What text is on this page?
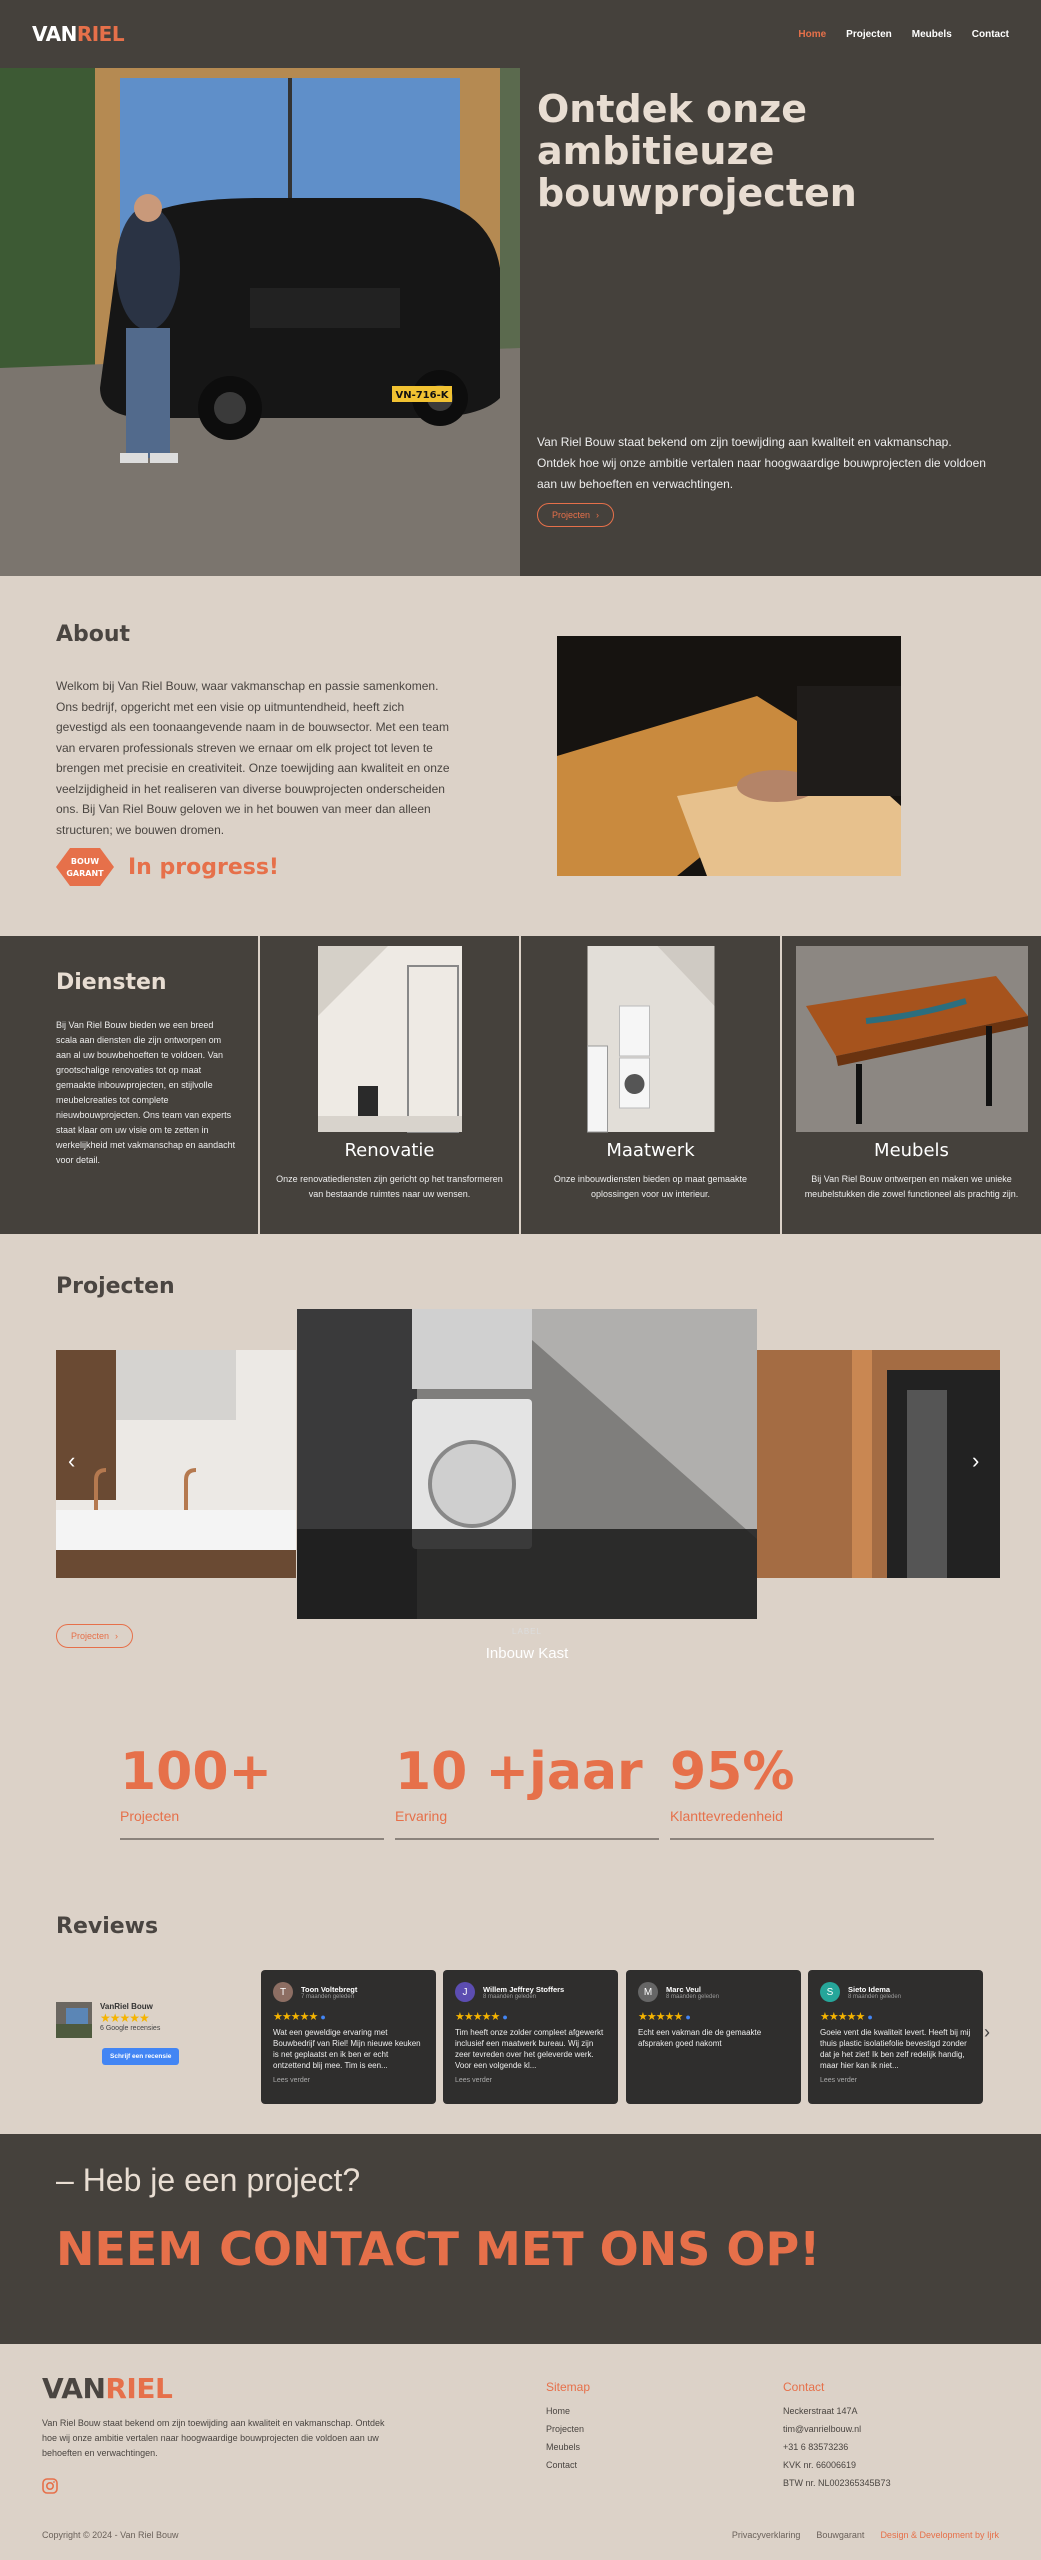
VANRIEL	Home Projecten Meubels Contact
VN-716-K
Ontdek onze ambitieuze bouwprojecten

Van Riel Bouw staat bekend om zijn toewijding aan kwaliteit en vakmanschap. Ontdek hoe wij onze ambitie vertalen naar hoogwaardige bouwprojecten die voldoen aan uw behoeften en verwachtingen.

Projecten ›
About

Welkom bij Van Riel Bouw, waar vakmanschap en passie samenkomen. Ons bedrijf, opgericht met een visie op uitmuntendheid, heeft zich gevestigd als een toonaangevende naam in de bouwsector. Met een team van ervaren professionals streven we ernaar om elk project tot leven te brengen met precisie en creativiteit. Onze toewijding aan kwaliteit en onze veelzijdigheid in het realiseren van diverse bouwprojecten onderscheiden ons. Bij Van Riel Bouw geloven we in het bouwen van meer dan alleen structuren; we bouwen dromen.

BOUW
GARANT In progress!
Diensten

Bij Van Riel Bouw bieden we een breed scala aan diensten die zijn ontworpen om aan al uw bouwbehoeften te voldoen. Van grootschalige renovaties tot op maat gemaakte inbouwprojecten, en stijlvolle meubelcreaties tot complete nieuwbouwprojecten. Ons team van experts staat klaar om uw visie om te zetten in werkelijkheid met vakmanschap en aandacht voor detail.	Renovatie
Onze renovatiediensten zijn gericht op het transformeren van bestaande ruimtes naar uw wensen.
Maatwerk
Onze inbouwdiensten bieden op maat gemaakte oplossingen voor uw interieur.
Meubels
Bij Van Riel Bouw ontwerpen en maken we unieke meubelstukken die zowel functioneel als prachtig zijn.
Projecten
LABEL
Inbouw Kast
‹	›
Projecten ›
100+
Projecten
10 +jaar
Ervaring
95%
Klanttevredenheid
Reviews
VanRiel Bouw
★★★★★
6 Google recensies
Schrijf een recensie
T	Toon Voltebregt
7 maanden geleden
★★★★★ ●
Wat een geweldige ervaring met Bouwbedrijf van Riel! Mijn nieuwe keuken is net geplaatst en ik ben er echt ontzettend blij mee. Tim is een...
Lees verder
J	Willem Jeffrey Stoffers
8 maanden geleden
★★★★★ ●
Tim heeft onze zolder compleet afgewerkt inclusief een maatwerk bureau. Wij zijn zeer tevreden over het geleverde werk. Voor een volgende kl...
Lees verder
M	Marc Veul
8 maanden geleden
★★★★★ ●
Echt een vakman die de gemaakte afspraken goed nakomt
S	Sieto Idema
8 maanden geleden
★★★★★ ●
Goeie vent die kwaliteit levert. Heeft bij mij thuis plastic isolatiefolie bevestigd zonder dat je het ziet! Ik ben zelf redelijk handig, maar hier kan ik niet...
Lees verder
›
– Heb je een project?
NEEM CONTACT MET ONS OP!
VANRIEL

Van Riel Bouw staat bekend om zijn toewijding aan kwaliteit en vakmanschap. Ontdek hoe wij onze ambitie vertalen naar hoogwaardige bouwprojecten die voldoen aan uw behoeften en verwachtingen.

Sitemap
Home
Projecten
Meubels
Contact
Contact
Neckerstraat 147A
tim@vanrielbouw.nl
+31 6 83573236
KVK nr. 66006619
BTW nr. NL002365345B73
Copyright © 2024 - Van Riel Bouw	Privacyverklaring Bouwgarant Design & Development by Ijrk
